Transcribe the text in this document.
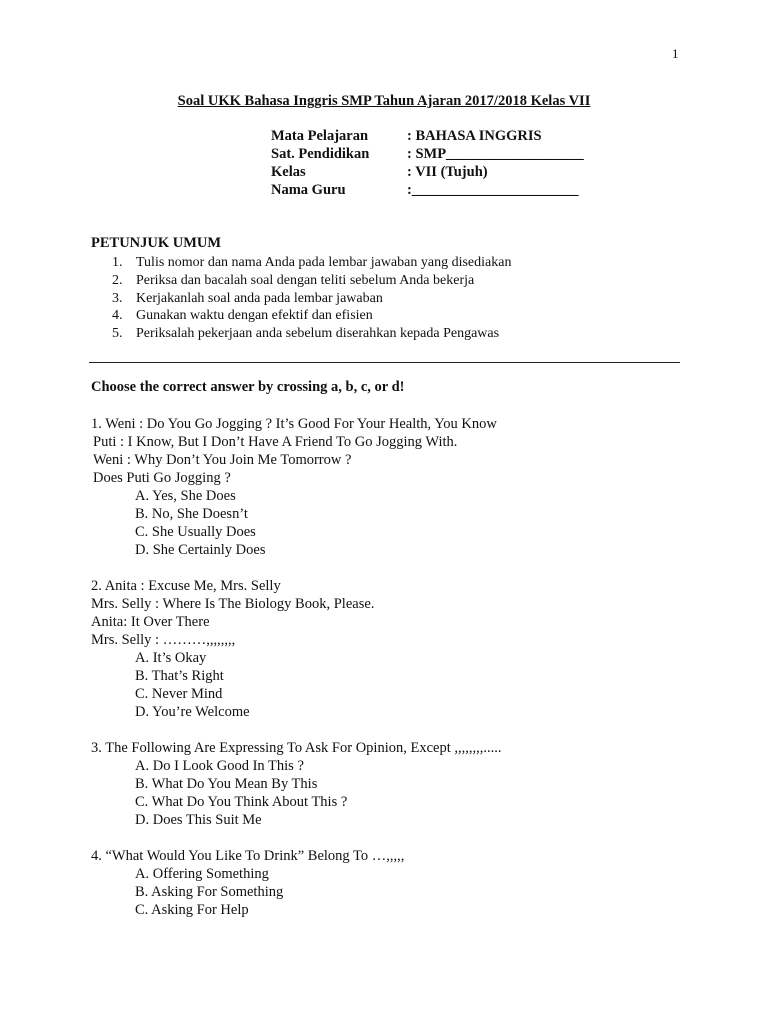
1
Soal UKK Bahasa Inggris SMP Tahun Ajaran 2017/2018 Kelas VII
Mata Pelajaran	: BAHASA INGGRIS
Sat. Pendidikan	: SMP___________________
Kelas	: VII (Tujuh)
Nama Guru	:_______________________
PETUNJUK UMUM
1. Tulis nomor dan nama Anda pada lembar jawaban yang disediakan
2. Periksa dan bacalah soal dengan teliti sebelum Anda bekerja
3. Kerjakanlah soal anda pada lembar jawaban
4. Gunakan waktu dengan efektif dan efisien
5. Periksalah pekerjaan anda sebelum diserahkan kepada Pengawas
Choose the correct answer by crossing a, b, c, or d!
1. Weni : Do You Go Jogging ? It’s Good For Your Health, You Know
Puti : I Know, But I Don’t Have A Friend To Go Jogging With.
Weni : Why Don’t You Join Me Tomorrow ?
Does Puti Go Jogging ?
A. Yes, She Does
B. No, She Doesn’t
C. She Usually Does
D. She Certainly Does
2. Anita : Excuse Me, Mrs. Selly
Mrs. Selly : Where Is The Biology Book, Please.
Anita: It Over There
Mrs. Selly : ………,,,,,,,,
A. It’s Okay
B. That’s Right
C. Never Mind
D. You’re Welcome
3. The Following Are Expressing To Ask For Opinion, Except ,,,,,,,,.....
A. Do I Look Good In This ?
B. What Do You Mean By This
C. What Do You Think About This ?
D. Does This Suit Me
4. “What Would You Like To Drink” Belong To …,,,,,
A. Offering Something
B. Asking For Something
C. Asking For Help
